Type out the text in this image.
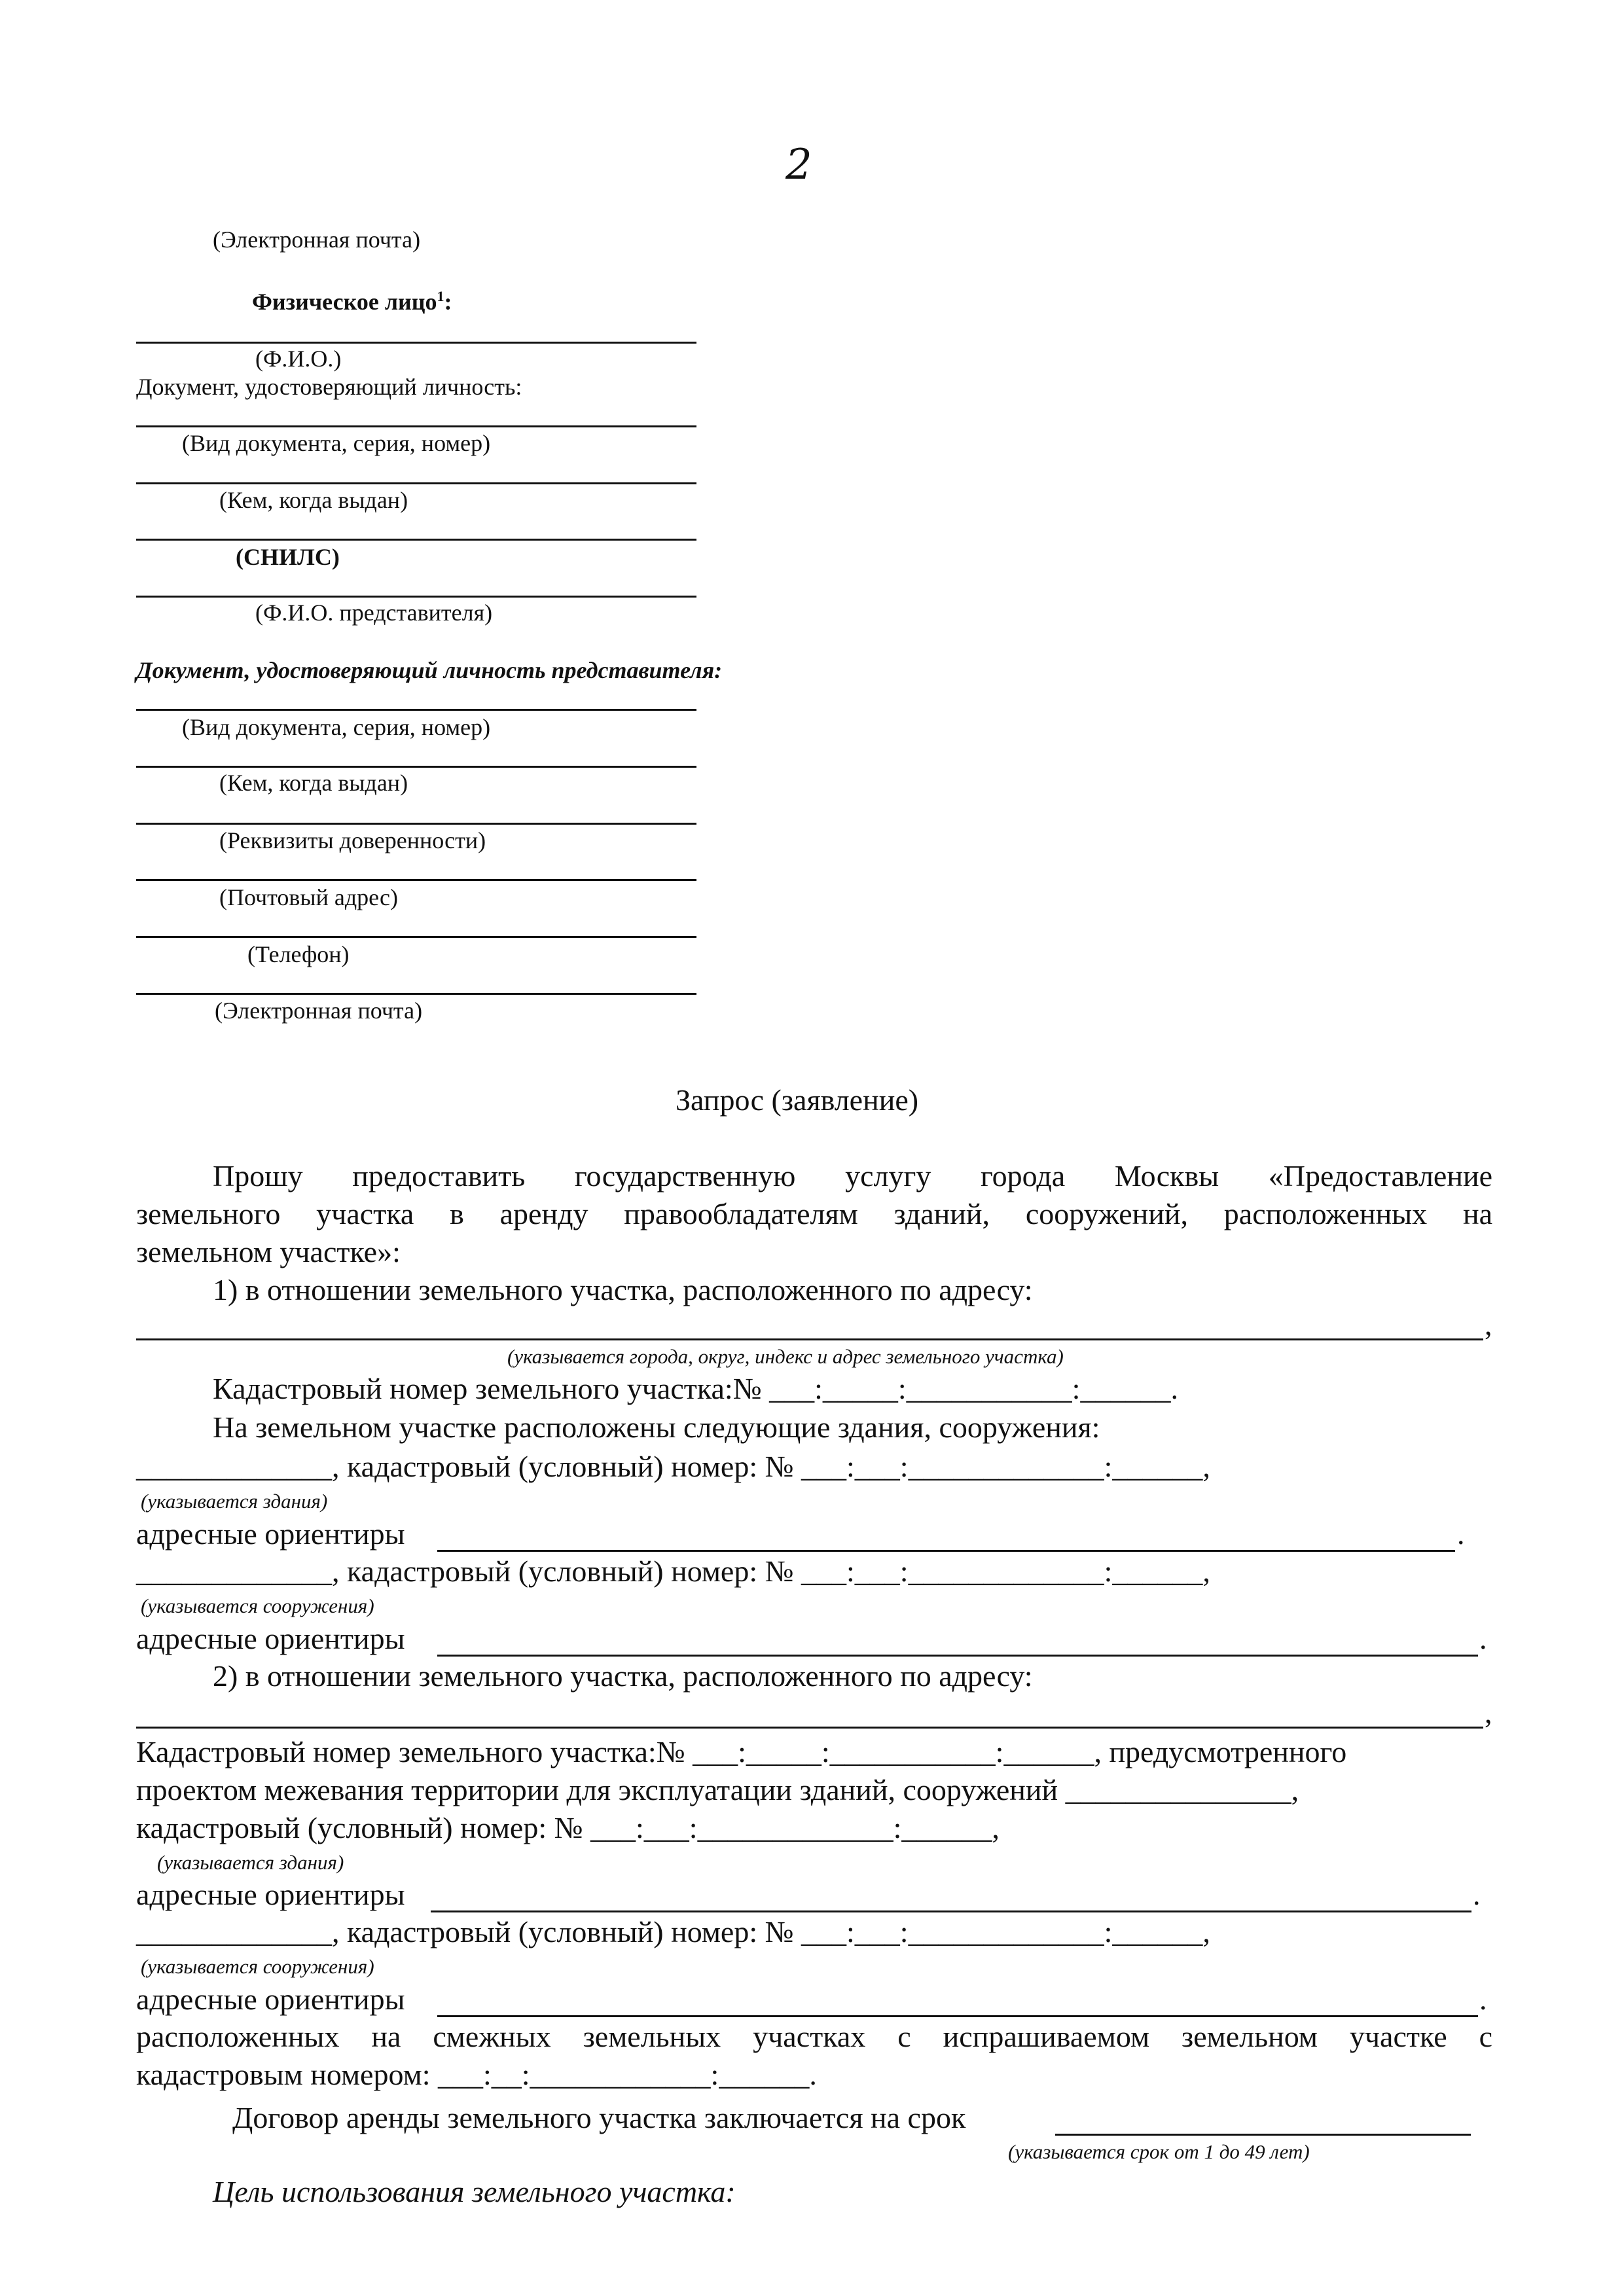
2
(Электронная почта)
Физическое лицо$^1$:
(Ф.И.О.)
Документ, удостоверяющий личность:
(Вид документа, серия, номер)
(Кем, когда выдан)
(СНИЛС)
(Ф.И.О. представителя)
Документ, удостоверяющий личность представителя:
(Вид документа, серия, номер)
(Кем, когда выдан)
(Реквизиты доверенности)
(Почтовый адрес)
(Телефон)
(Электронная почта)
Запрос (заявление)
Прошу предоставить государственную услугу города Москвы «Предоставление
земельного участка в аренду правообладателям зданий, сооружений, расположенных на
земельном участке»:
1) в отношении земельного участка, расположенного по адресу:
,
(указывается города, округ, индекс и адрес земельного участка)
Кадастровый номер земельного участка:№ ___:_____:___________:______.
На земельном участке расположены следующие здания, сооружения:
_____________, кадастровый (условный) номер: № ___:___:_____________:______,
(указывается здания)
адресные ориентиры	.
_____________, кадастровый (условный) номер: № ___:___:_____________:______,
(указывается сооружения)
адресные ориентиры	.
2) в отношении земельного участка, расположенного по адресу:
,
Кадастровый номер земельного участка:№ ___:_____:___________:______, предусмотренного
проектом межевания территории для эксплуатации зданий, сооружений _______________,
кадастровый (условный) номер: № ___:___:_____________:______,
(указывается здания)
адресные ориентиры	.
_____________, кадастровый (условный) номер: № ___:___:_____________:______,
(указывается сооружения)
адресные ориентиры	.
расположенных на смежных земельных участках с испрашиваемом земельном участке с
кадастровым номером: ___:__:____________:______.
Договор аренды земельного участка заключается на срок
(указывается срок от 1 до 49 лет)
Цель использования земельного участка:
